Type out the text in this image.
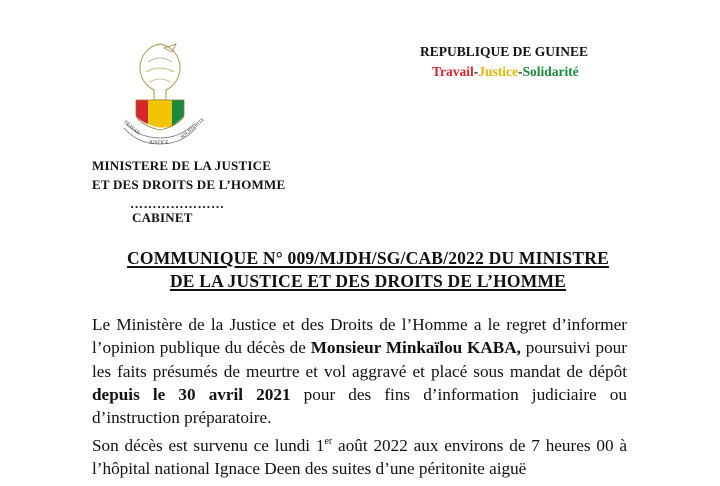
TRAVAIL
JUSTICE
SOLIDARITE
MINISTERE DE LA JUSTICE
ET DES DROITS DE L’HOMME
…………………
CABINET
REPUBLIQUE DE GUINEE
Travail-Justice-Solidarité
COMMUNIQUE N° 009/MJDH/SG/CAB/2022 DU MINISTRE
DE LA JUSTICE ET DES DROITS DE L’HOMME
Le Ministère de la Justice et des Droits de l’Homme a le regret d’informer l’opinion publique du décès de Monsieur Minkaïlou KABA, poursuivi pour les faits présumés de meurtre et vol aggravé et placé sous mandat de dépôt depuis le 30 avril 2021 pour des fins d’information judiciaire ou d’instruction préparatoire.
Son décès est survenu ce lundi 1er août 2022 aux environs de 7 heures 00 à l’hôpital national Ignace Deen des suites d’une péritonite aiguë
